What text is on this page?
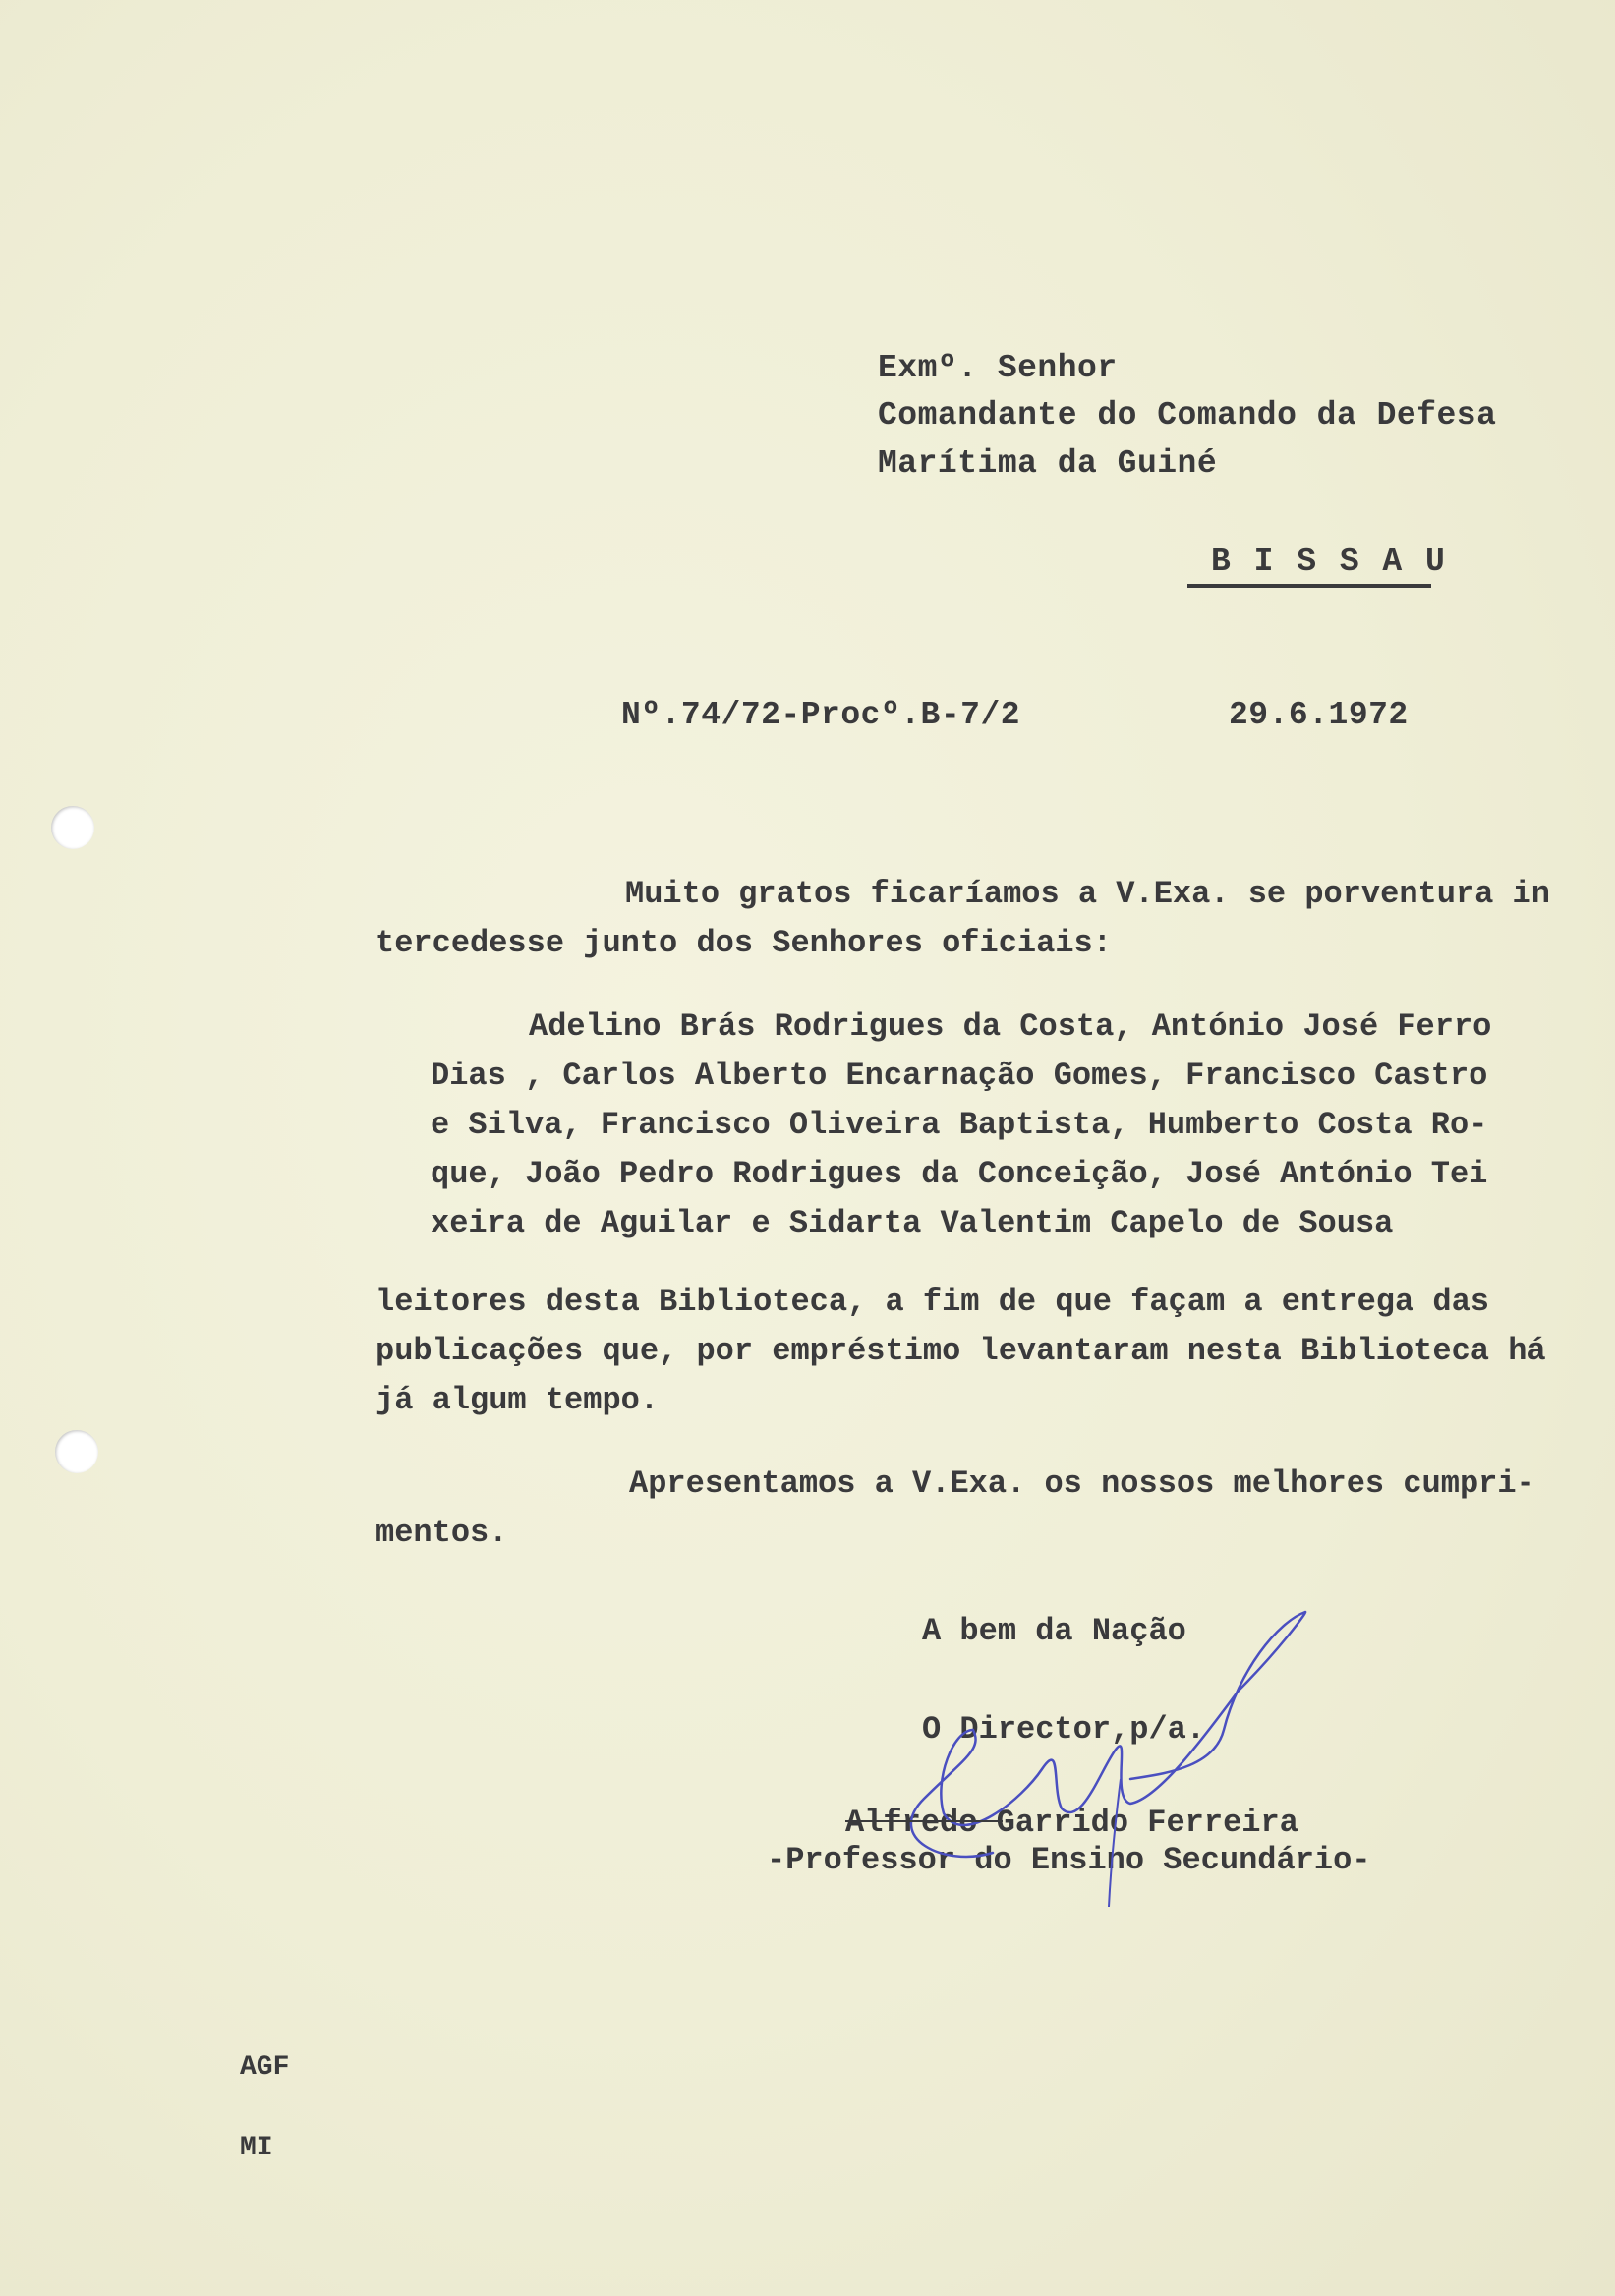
Exmº. Senhor
Comandante do Comando da Defesa
Marítima da Guiné
B I S S A U
Nº.74/72-Procº.B-7/2	29.6.1972
Muito gratos ficaríamos a V.Exa. se porventura in
tercedesse junto dos Senhores oficiais:
Adelino Brás Rodrigues da Costa, António José Ferro
Dias , Carlos Alberto Encarnação Gomes, Francisco Castro
e Silva, Francisco Oliveira Baptista, Humberto Costa Ro-
que, João Pedro Rodrigues da Conceição, José António Tei
xeira de Aguilar e Sidarta Valentim Capelo de Sousa
leitores desta Biblioteca, a fim de que façam a entrega das
publicações que, por empréstimo levantaram nesta Biblioteca há
já algum tempo.
Apresentamos a V.Exa. os nossos melhores cumpri-
mentos.
A bem da Nação
O Director,p/a.
Alfredo Garrido Ferreira
-Professor do Ensino Secundário-
AGF
MI
